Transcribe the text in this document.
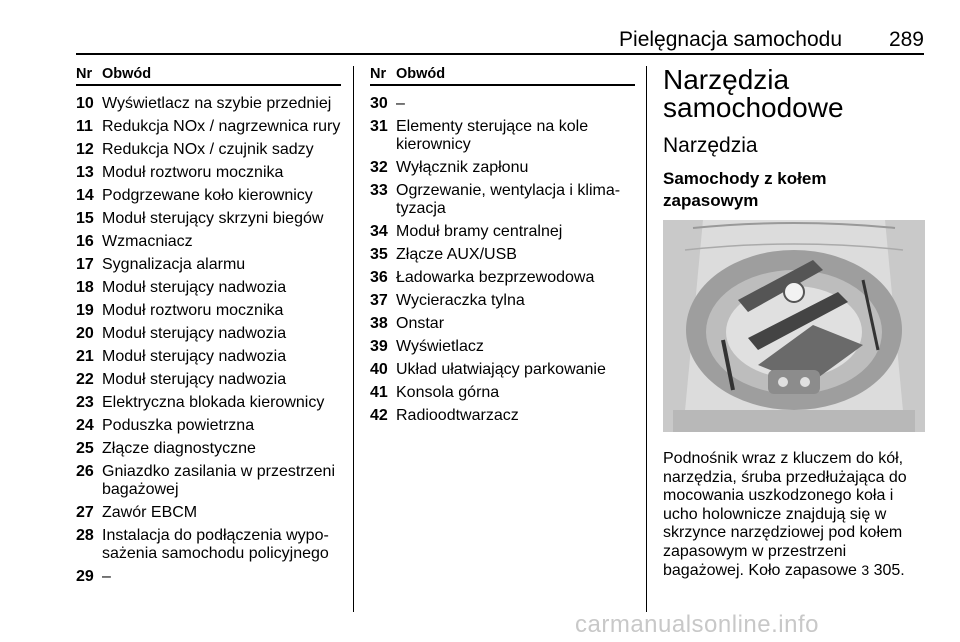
Pielęgnacja samochodu 289
Nr Obwód
10 Wyświetlacz na szybie przedniej
11 Redukcja NOx / nagrzewnica rury
12 Redukcja NOx / czujnik sadzy
13 Moduł roztworu mocznika
14 Podgrzewane koło kierownicy
15 Moduł sterujący skrzyni biegów
16 Wzmacniacz
17 Sygnalizacja alarmu
18 Moduł sterujący nadwozia
19 Moduł roztworu mocznika
20 Moduł sterujący nadwozia
21 Moduł sterujący nadwozia
22 Moduł sterujący nadwozia
23 Elektryczna blokada kierownicy
24 Poduszka powietrzna
25 Złącze diagnostyczne
26 Gniazdko zasilania w przestrzeni bagażowej
27 Zawór EBCM
28 Instalacja do podłączenia wypo-sażenia samochodu policyjnego
29 –
Nr Obwód
30 –
31 Elementy sterujące na kole kierownicy
32 Wyłącznik zapłonu
33 Ogrzewanie, wentylacja i klima-tyzacja
34 Moduł bramy centralnej
35 Złącze AUX/USB
36 Ładowarka bezprzewodowa
37 Wycieraczka tylna
38 Onstar
39 Wyświetlacz
40 Układ ułatwiający parkowanie
41 Konsola górna
42 Radioodtwarzacz
Narzędzia samochodowe
Narzędzia
Samochody z kołem zapasowym
Podnośnik wraz z kluczem do kół, narzędzia, śruba przedłużająca do mocowania uszkodzonego koła i ucho holownicze znajdują się w skrzynce narzędziowej pod kołem zapasowym w przestrzeni bagażowej. Koło zapasowe 3 305.
carmanualsonline.info
